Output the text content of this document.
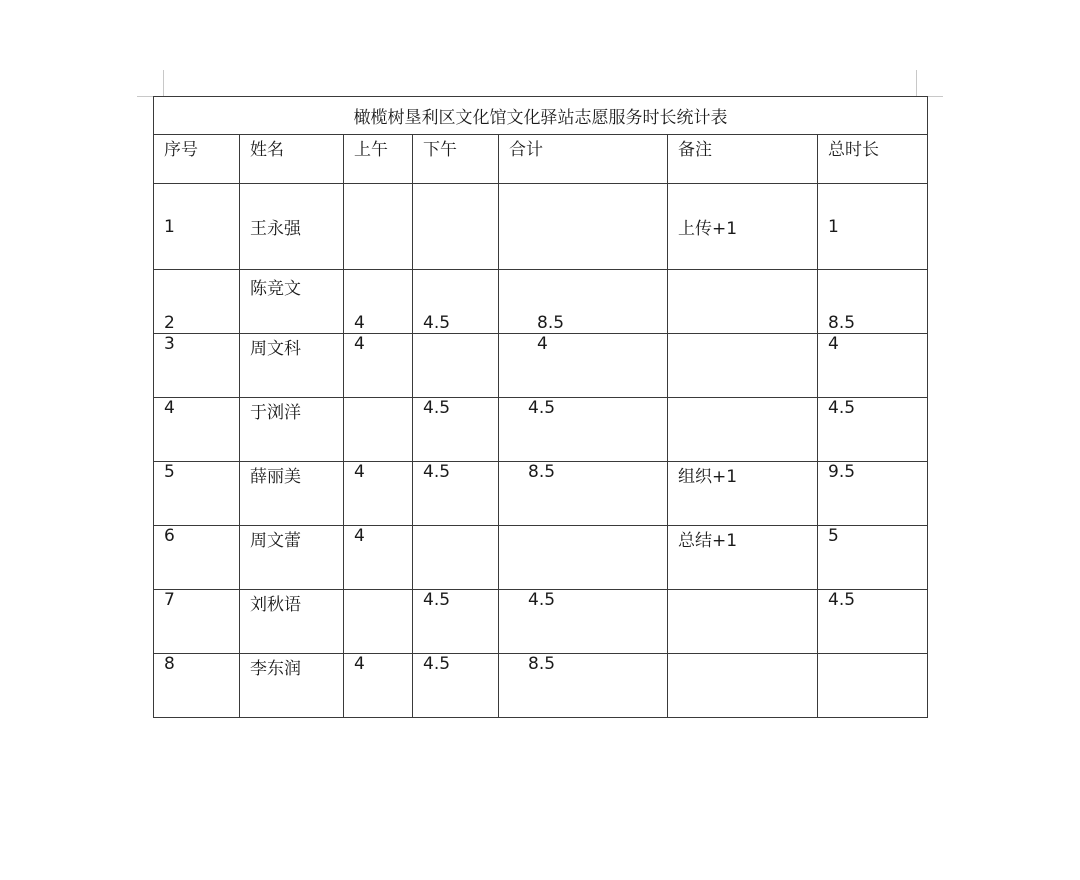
橄榄树垦利区文化馆文化驿站志愿服务时长统计表						
序号	姓名	上午	下午	合计	备注	总时长
1	王永强				上传+1	1
2	陈竞文	4	4.5	8.5		8.5
3	周文科	4		4		4
4	于浏洋		4.5	4.5		4.5
5	薛丽美	4	4.5	8.5	组织+1	9.5
6	周文蕾	4			总结+1	5
7	刘秋语		4.5	4.5		4.5
8	李东润	4	4.5	8.5		
